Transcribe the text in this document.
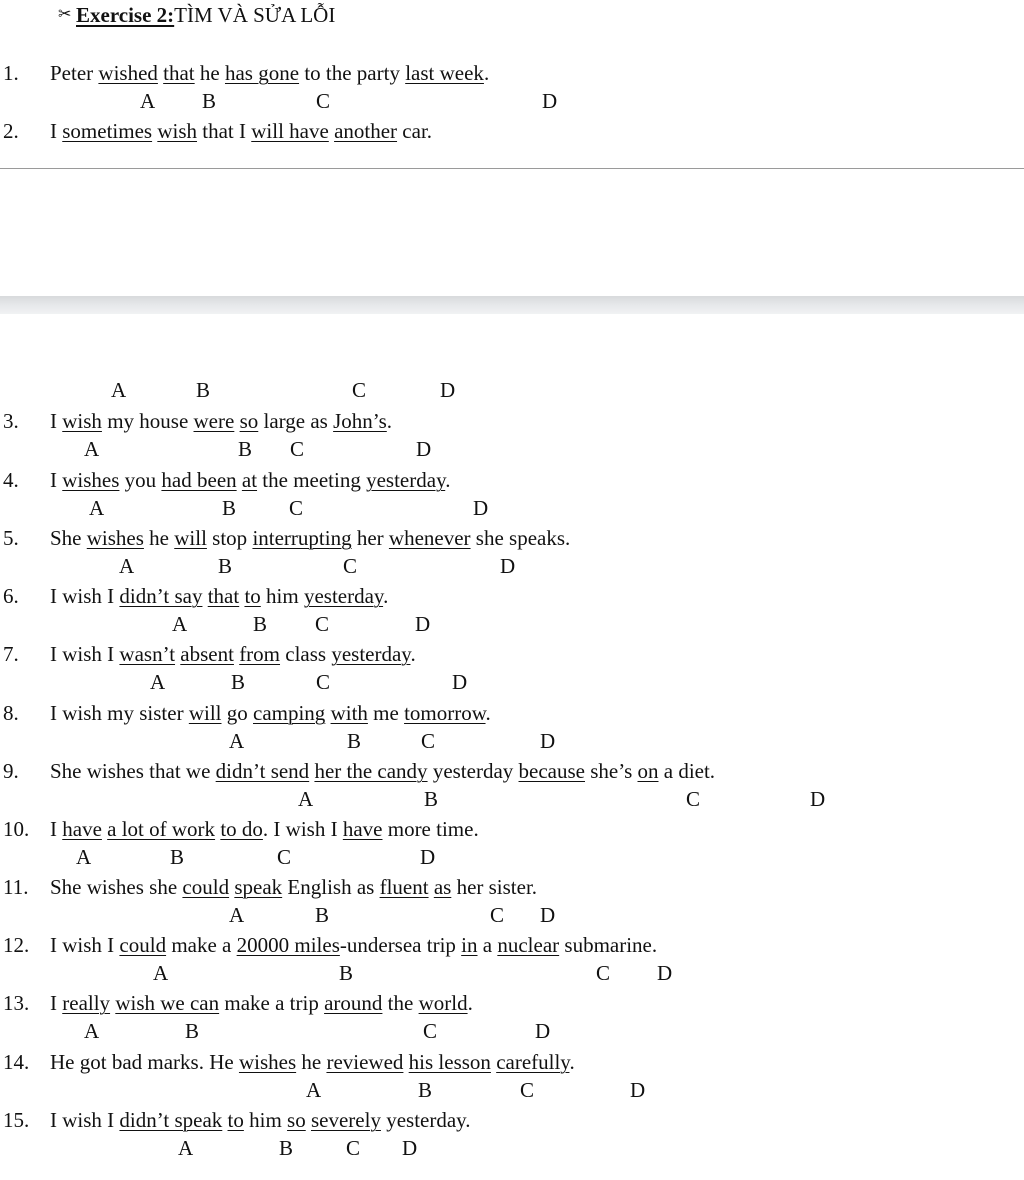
✂ Exercise 2:TÌM VÀ SỬA LỖI
A	B	C	D
1. Peter wished that he has gone to the party last week.

A B	C	D
2. I sometimes wish that I will have another car.

3. I wish my house were so large as John’s.

A	B C	D
4. I wishes you had been at the meeting yesterday.

A	B	C	D
5. She wishes he will stop interrupting her whenever she speaks.

A	B	C	D
6. I wish I didn’t say that to him yesterday.

A	B C	D
7. I wish I wasn’t absent from class yesterday.

A	B	C	D
8. I wish my sister will go camping with me tomorrow.

A	B	C	D
9. She wishes that we didn’t send her the candy yesterday because she’s on a diet.

A	B	C	D
10. I have a lot of work to do. I wish I have more time.

A	B	C	D
11. She wishes she could speak English as fluent as her sister.

A	B	C D
12. I wish I could make a 20000 miles-undersea trip in a nuclear submarine.

A	B	C D
13. I really wish we can make a trip around the world.

A	B	C	D
14. He got bad marks. He wishes he reviewed his lesson carefully.

A	B	C	D
15. I wish I didn’t speak to him so severely yesterday.

A	B	C D
